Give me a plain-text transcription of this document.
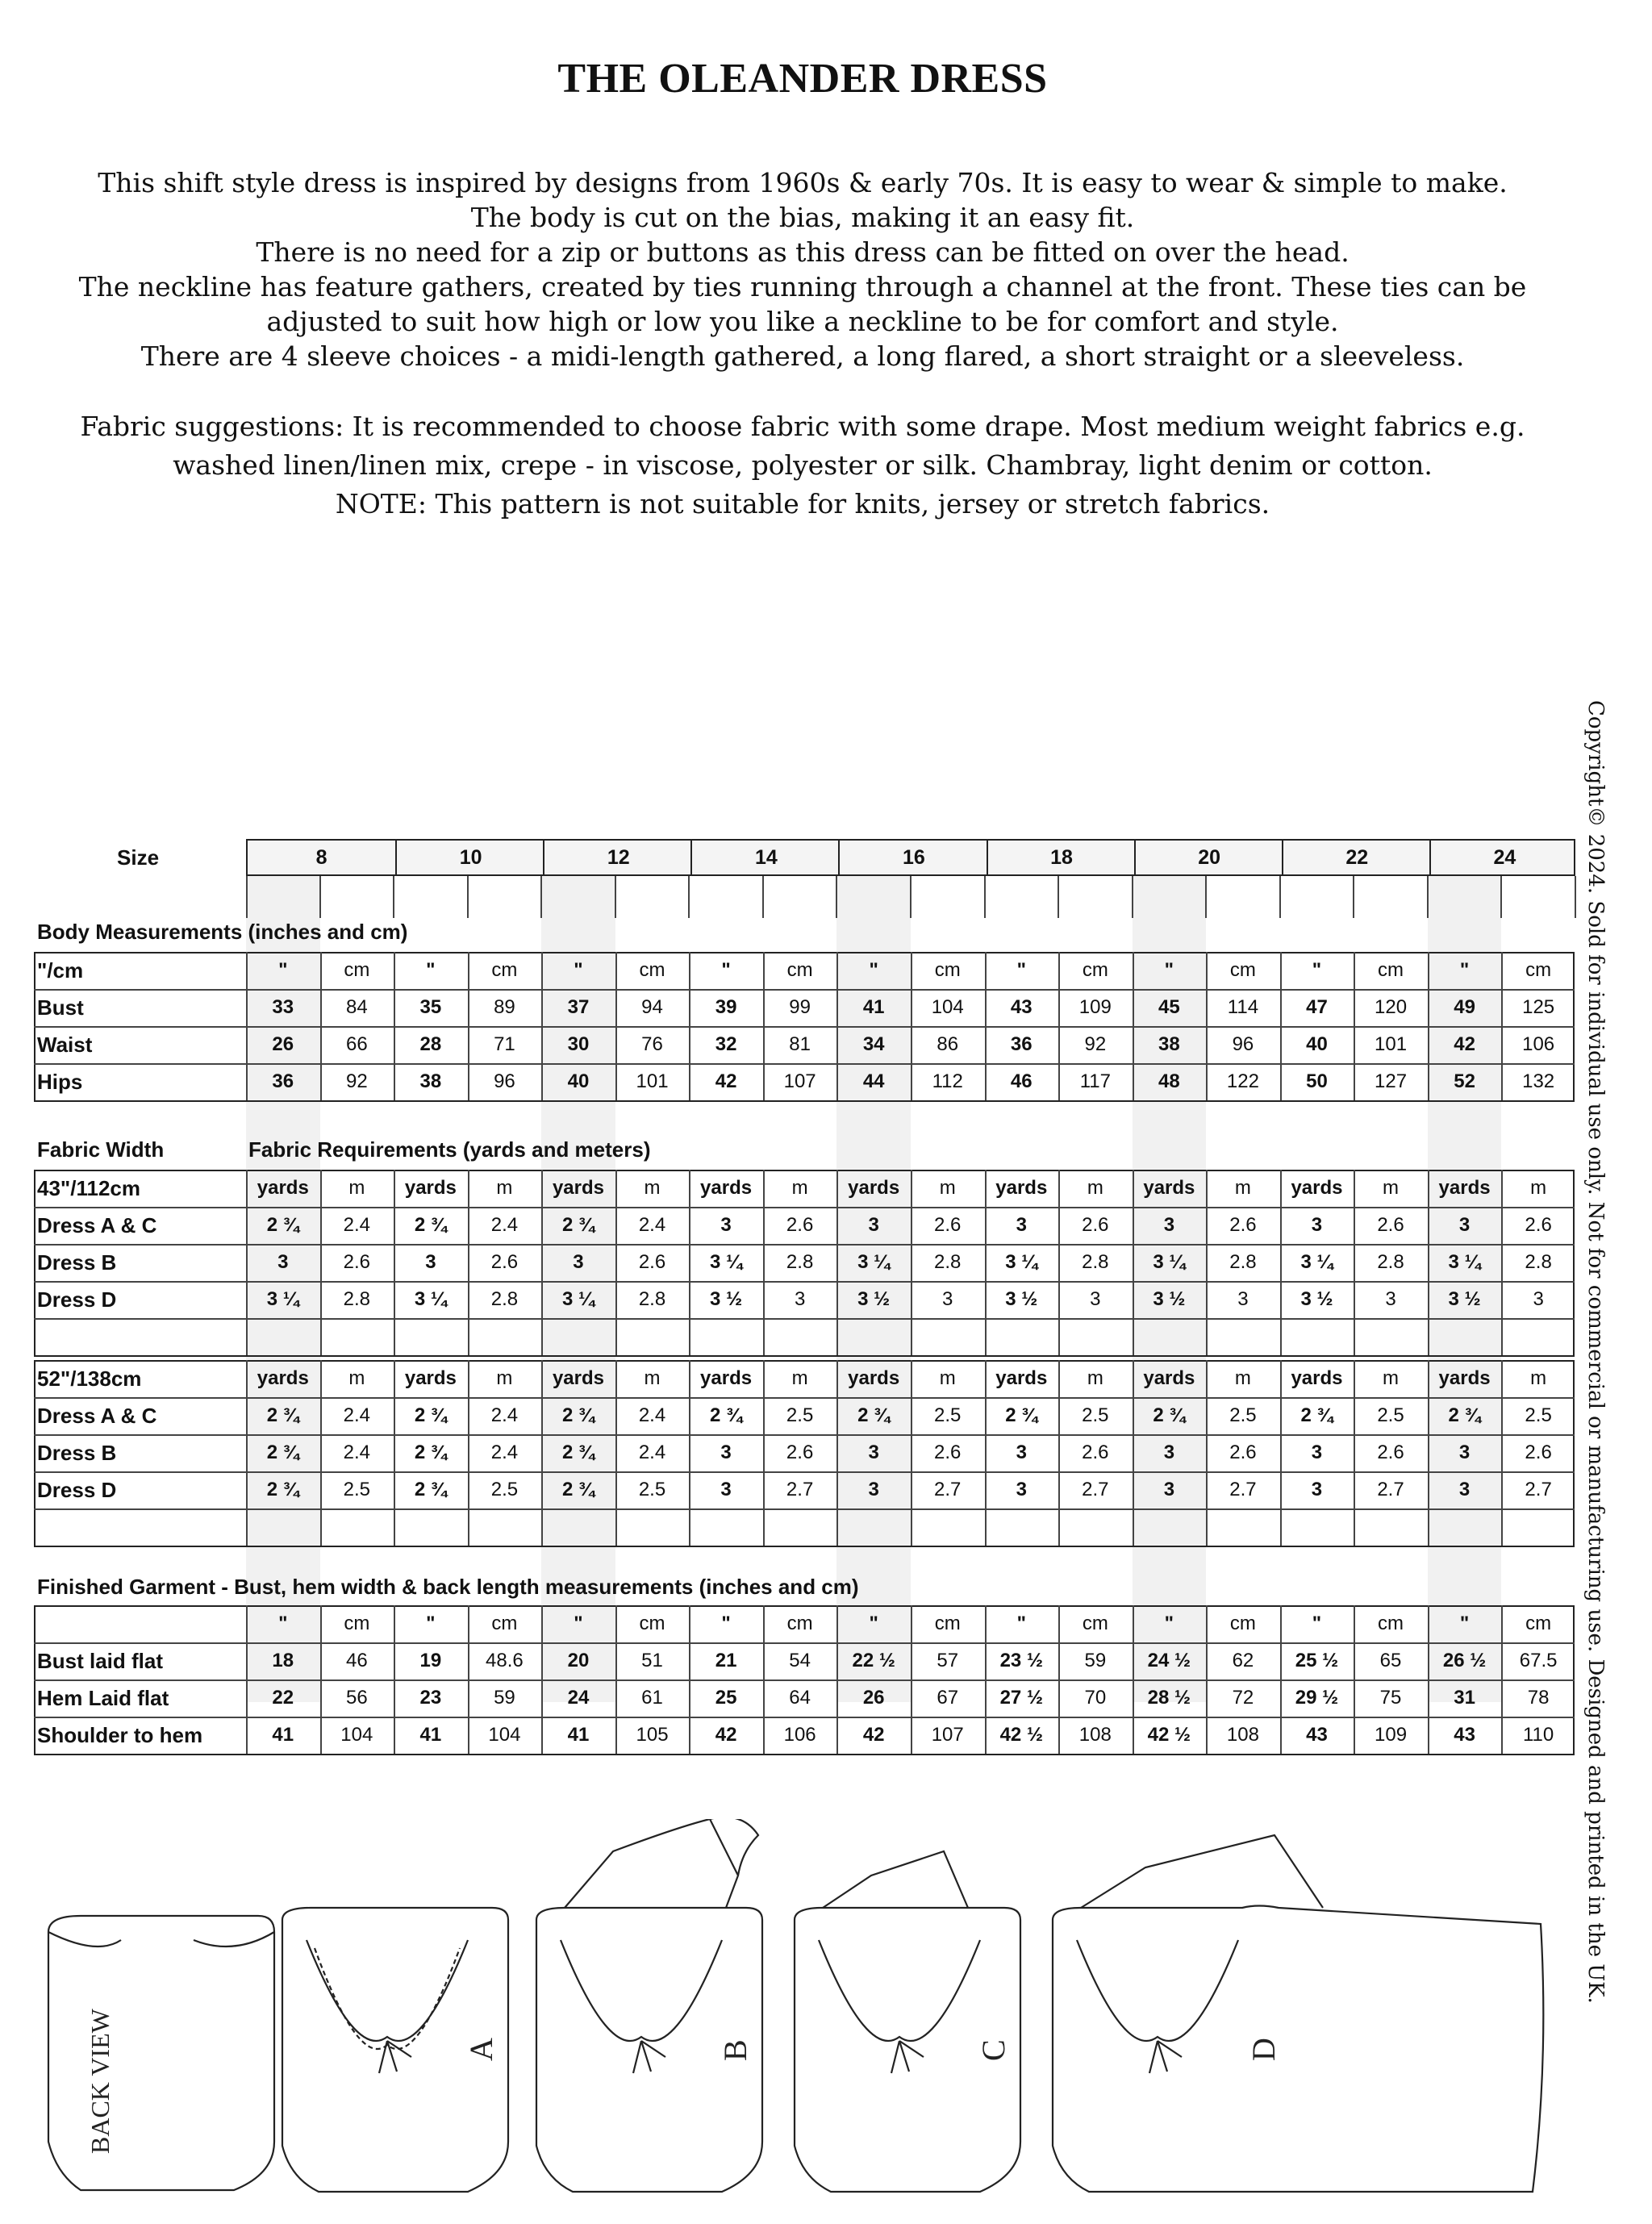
THE OLEANDER DRESS
This shift style dress is inspired by designs from 1960s & early 70s. It is easy to wear & simple to make.
The body is cut on the bias, making it an easy fit.
There is no need for a zip or buttons as this dress can be fitted on over the head.
The neckline has feature gathers, created by ties running through a channel at the front. These ties can be
adjusted to suit how high or low you like a neckline to be for comfort and style.
There are 4 sleeve choices - a midi-length gathered, a long flared, a short straight or a sleeveless.
Fabric suggestions: It is recommended to choose fabric with some drape. Most medium weight fabrics e.g.
washed linen/linen mix, crepe - in viscose, polyester or silk. Chambray, light denim or cotton.
NOTE: This pattern is not suitable for knits, jersey or stretch fabrics.
Copyright© 2024. Sold for individual use only. Not for commercial or manufacturing use. Designed and printed in the UK.
Size	8	10	12	14	16	18	20	22	24
Body Measurements (inches and cm)
"/cm	"	cm	"	cm	"	cm	"	cm	"	cm	"	cm	"	cm	"	cm	"	cm
Bust	33	84	35	89	37	94	39	99	41	104	43	109	45	114	47	120	49	125
Waist	26	66	28	71	30	76	32	81	34	86	36	92	38	96	40	101	42	106
Hips	36	92	38	96	40	101	42	107	44	112	46	117	48	122	50	127	52	132
Fabric Width	Fabric Requirements (yards and meters)
43"/112cm	yards	m	yards	m	yards	m	yards	m	yards	m	yards	m	yards	m	yards	m	yards	m
Dress A & C	2 ¾	2.4	2 ¾	2.4	2 ¾	2.4	3	2.6	3	2.6	3	2.6	3	2.6	3	2.6	3	2.6
Dress B	3	2.6	3	2.6	3	2.6	3 ¼	2.8	3 ¼	2.8	3 ¼	2.8	3 ¼	2.8	3 ¼	2.8	3 ¼	2.8
Dress D	3 ¼	2.8	3 ¼	2.8	3 ¼	2.8	3 ½	3	3 ½	3	3 ½	3	3 ½	3	3 ½	3	3 ½	3
52"/138cm	yards	m	yards	m	yards	m	yards	m	yards	m	yards	m	yards	m	yards	m	yards	m
Dress A & C	2 ¾	2.4	2 ¾	2.4	2 ¾	2.4	2 ¾	2.5	2 ¾	2.5	2 ¾	2.5	2 ¾	2.5	2 ¾	2.5	2 ¾	2.5
Dress B	2 ¾	2.4	2 ¾	2.4	2 ¾	2.4	3	2.6	3	2.6	3	2.6	3	2.6	3	2.6	3	2.6
Dress D	2 ¾	2.5	2 ¾	2.5	2 ¾	2.5	3	2.7	3	2.7	3	2.7	3	2.7	3	2.7	3	2.7
Finished Garment - Bust, hem width & back length measurements (inches and cm)
"	cm	"	cm	"	cm	"	cm	"	cm	"	cm	"	cm	"	cm	"	cm
Bust laid flat	18	46	19	48.6	20	51	21	54	22 ½	57	23 ½	59	24 ½	62	25 ½	65	26 ½	67.5
Hem Laid flat	22	56	23	59	24	61	25	64	26	67	27 ½	70	28 ½	72	29 ½	75	31	78
Shoulder to hem	41	104	41	104	41	105	42	106	42	107	42 ½	108	42 ½	108	43	109	43	110
BACK VIEW	A	B	C	D
